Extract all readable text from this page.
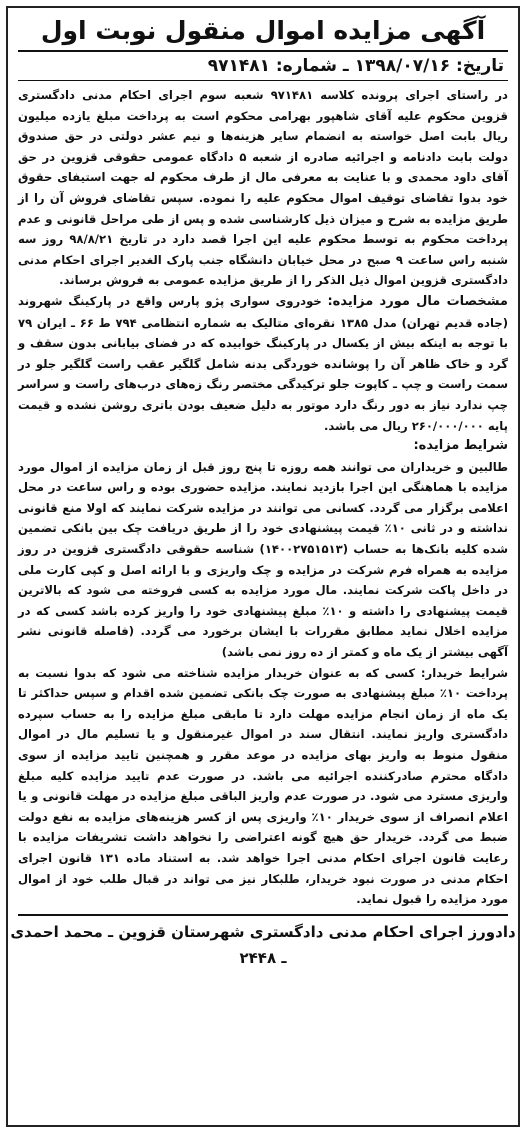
آگهی مزایده اموال منقول نوبت اول
تاریخ: ۱۳۹۸/۰۷/۱۶ ـ شماره: ۹۷۱۴۸۱

در راستای اجرای پرونده کلاسه ۹۷۱۴۸۱ شعبه سوم اجرای احکام مدنی دادگستری قزوین محکوم علیه آقای شاهپور بهرامی محکوم است به پرداخت مبلغ یازده میلیون ریال بابت اصل خواسته به انضمام سایر هزینه‌ها و نیم عشر دولتی در حق صندوق دولت بابت دادنامه و اجرائیه صادره از شعبه ۵ دادگاه عمومی حقوقی قزوین در حق آقای داود محمدی و با عنایت به معرفی مال از طرف محکوم له جهت استیفای حقوق خود بدوا تقاضای توقیف اموال محکوم علیه را نموده. سپس تقاضای فروش آن را از طریق مزایده به شرح و میزان ذیل کارشناسی شده و پس از طی مراحل قانونی و عدم پرداخت محکوم به توسط محکوم علیه این اجرا قصد دارد در تاریخ ۹۸/۸/۲۱ روز سه شنبه راس ساعت ۹ صبح در محل خیابان دانشگاه جنب پارک الغدیر اجرای احکام مدنی دادگستری قزوین اموال ذیل الذکر را از طریق مزایده عمومی به فروش برساند.

مشخصات مال مورد مزایده: خودروی سواری پژو پارس واقع در پارکینگ شهروند (جاده قدیم تهران) مدل ۱۳۸۵ نقره‌ای متالیک به شماره انتظامی ۷۹۴ ط ۶۶ ـ ایران ۷۹ با توجه به اینکه بیش از یکسال در پارکینگ خوابیده که در فضای بیابانی بدون سقف و گرد و خاک ظاهر آن را پوشانده خوردگی بدنه شامل گلگیر عقب راست گلگیر جلو در سمت راست و چپ ـ کاپوت جلو ترکیدگی مختصر رنگ زه‌های درب‌های راست و سراسر چپ ندارد نیاز به دور رنگ دارد موتور به دلیل ضعیف بودن باتری روشن نشده و قیمت پایه ۲۶۰/۰۰۰/۰۰۰ ریال می باشد.

شرایط مزایده:

طالبین و خریداران می توانند همه روزه تا پنج روز قبل از زمان مزایده از اموال مورد مزایده با هماهنگی این اجرا بازدید نمایند. مزایده حضوری بوده و راس ساعت در محل اعلامی برگزار می گردد. کسانی می توانند در مزایده شرکت نمایند که اولا منع قانونی نداشته و در ثانی ۱۰٪ قیمت پیشنهادی خود را از طریق دریافت چک بین بانکی تضمین شده کلیه بانک‌ها به حساب (۱۴۰۰۲۷۵۱۵۱۳) شناسه حقوقی دادگستری قزوین در روز مزایده به همراه فرم شرکت در مزایده و چک واریزی و با ارائه اصل و کپی کارت ملی در داخل پاکت شرکت نمایند. مال مورد مزایده به کسی فروخته می شود که بالاترین قیمت پیشنهادی را داشته و ۱۰٪ مبلغ پیشنهادی خود را واریز کرده باشد کسی که در مزایده اخلال نماید مطابق مقررات با ایشان برخورد می گردد. (فاصله قانونی نشر آگهی بیشتر از یک ماه و کمتر از ده روز نمی باشد)

شرایط خریدار: کسی که به عنوان خریدار مزایده شناخته می شود که بدوا نسبت به پرداخت ۱۰٪ مبلغ پیشنهادی به صورت چک بانکی تضمین شده اقدام و سپس حداکثر تا یک ماه از زمان انجام مزایده مهلت دارد تا مابقی مبلغ مزایده را به حساب سپرده دادگستری واریز نمایند. انتقال سند در اموال غیرمنقول و یا تسلیم مال در اموال منقول منوط به واریز بهای مزایده در موعد مقرر و همچنین تایید مزایده از سوی دادگاه محترم صادرکننده اجرائیه می باشد. در صورت عدم تایید مزایده کلیه مبلغ واریزی مسترد می شود. در صورت عدم واریز الباقی مبلغ مزایده در مهلت قانونی و یا اعلام انصراف از سوی خریدار ۱۰٪ واریزی پس از کسر هزینه‌های مزایده به نفع دولت ضبط می گردد. خریدار حق هیچ گونه اعتراضی را نخواهد داشت تشریفات مزایده با رعایت قانون اجرای احکام مدنی اجرا خواهد شد. به استناد ماده ۱۳۱ قانون اجرای احکام مدنی در صورت نبود خریدار، طلبکار نیز می تواند در قبال طلب خود از اموال مورد مزایده را قبول نماید.

دادورز اجرای احکام مدنی دادگستری شهرستان قزوین ـ محمد احمدی ـ ۲۴۴۸
